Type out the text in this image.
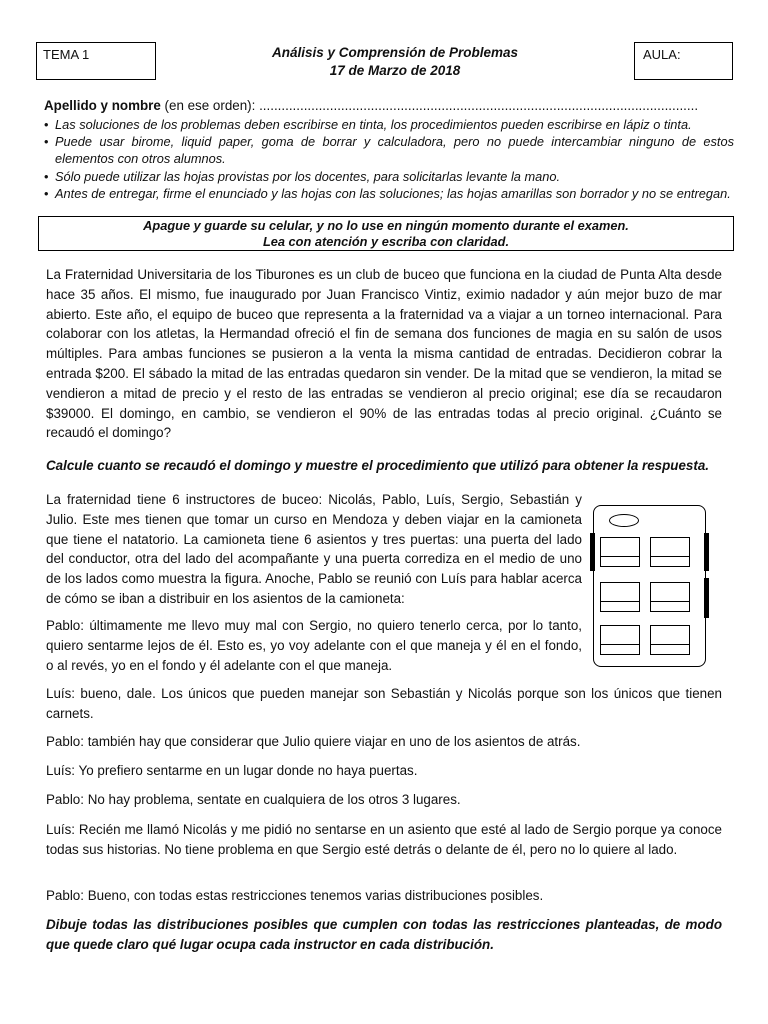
TEMA 1	Análisis y Comprensión de Problemas
17 de Marzo de 2018
AULA:
Apellido y nombre (en ese orden): ......................................................................................................................
• Las soluciones de los problemas deben escribirse en tinta, los procedimientos pueden escribirse en lápiz o tinta.
• Puede usar birome, liquid paper, goma de borrar y calculadora, pero no puede intercambiar ninguno de estos elementos con otros alumnos.
• Sólo puede utilizar las hojas provistas por los docentes, para solicitarlas levante la mano.
• Antes de entregar, firme el enunciado y las hojas con las soluciones; las hojas amarillas son borrador y no se entregan.
Apague y guarde su celular, y no lo use en ningún momento durante el examen.
Lea con atención y escriba con claridad.

La Fraternidad Universitaria de los Tiburones es un club de buceo que funciona en la ciudad de Punta Alta desde hace 35 años. El mismo, fue inaugurado por Juan Francisco Vintiz, eximio nadador y aún mejor buzo de mar abierto. Este año, el equipo de buceo que representa a la fraternidad va a viajar a un torneo internacional. Para colaborar con los atletas, la Hermandad ofreció el fin de semana dos funciones de magia en su salón de usos múltiples. Para ambas funciones se pusieron a la venta la misma cantidad de entradas. Decidieron cobrar la entrada $200. El sábado la mitad de las entradas quedaron sin vender. De la mitad que se vendieron, la mitad se vendieron a mitad de precio y el resto de las entradas se vendieron al precio original; ese día se recaudaron $39000. El domingo, en cambio, se vendieron el 90% de las entradas todas al precio original. ¿Cuánto se recaudó el domingo?

Calcule cuanto se recaudó el domingo y muestre el procedimiento que utilizó para obtener la respuesta.

La fraternidad tiene 6 instructores de buceo: Nicolás, Pablo, Luís, Sergio, Sebastián y Julio. Este mes tienen que tomar un curso en Mendoza y deben viajar en la camioneta que tiene el natatorio. La camioneta tiene 6 asientos y tres puertas: una puerta del lado del conductor, otra del lado del acompañante y una puerta corrediza en el medio de uno de los lados como muestra la figura. Anoche, Pablo se reunió con Luís para hablar acerca de cómo se iban a distribuir en los asientos de la camioneta:

Pablo: últimamente me llevo muy mal con Sergio, no quiero tenerlo cerca, por lo tanto, quiero sentarme lejos de él. Esto es, yo voy adelante con el que maneja y él en el fondo, o al revés, yo en el fondo y él adelante con el que maneja.

Luís: bueno, dale. Los únicos que pueden manejar son Sebastián y Nicolás porque son los únicos que tienen carnets.

Pablo: también hay que considerar que Julio quiere viajar en uno de los asientos de atrás.

Luís: Yo prefiero sentarme en un lugar donde no haya puertas.

Pablo: No hay problema, sentate en cualquiera de los otros 3 lugares.

Luís: Recién me llamó Nicolás y me pidió no sentarse en un asiento que esté al lado de Sergio porque ya conoce todas sus historias. No tiene problema en que Sergio esté detrás o delante de él, pero no lo quiere al lado.

Pablo: Bueno, con todas estas restricciones tenemos varias distribuciones posibles.

Dibuje todas las distribuciones posibles que cumplen con todas las restricciones planteadas, de modo que quede claro qué lugar ocupa cada instructor en cada distribución.
